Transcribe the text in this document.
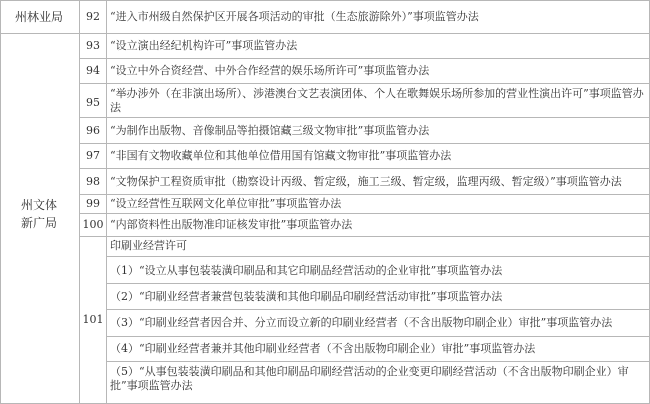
州林业局
州文体
新广局
92 “进入市州级自然保护区开展各项活动的审批（生态旅游除外）”事项监管办法
93 “设立演出经纪机构许可”事项监管办法
94 “设立中外合资经营、中外合作经营的娱乐场所许可”事项监管办法
95
“举办涉外（在非演出场所）、涉港澳台文艺表演团体、个人在歌舞娱乐场所参加的营业性演出许可”事项监管办法
96 “为制作出版物、音像制品等拍摄馆藏三级文物审批”事项监管办法
97 “非国有文物收藏单位和其他单位借用国有馆藏文物审批”事项监管办法
98 “文物保护工程资质审批（勘察设计丙级、暂定级，施工三级、暂定级，监理丙级、暂定级）”事项监管办法
99 “设立经营性互联网文化单位审批”事项监管办法
100 “内部资料性出版物准印证核发审批”事项监管办法
101
印刷业经营许可
（1）“设立从事包装装潢印刷品和其它印刷品经营活动的企业审批”事项监管办法
（2）“印刷业经营者兼营包装装潢和其他印刷品印刷经营活动审批”事项监管办法
（3）“印刷业经营者因合并、分立而设立新的印刷业经营者（不含出版物印刷企业）审批”事项监管办法
（4）“印刷业经营者兼并其他印刷业经营者（不含出版物印刷企业）审批”事项监管办法
（5）“从事包装装潢印刷品和其他印刷品印刷经营活动的企业变更印刷经营活动（不含出版物印刷企业）审批”事项监管办法
